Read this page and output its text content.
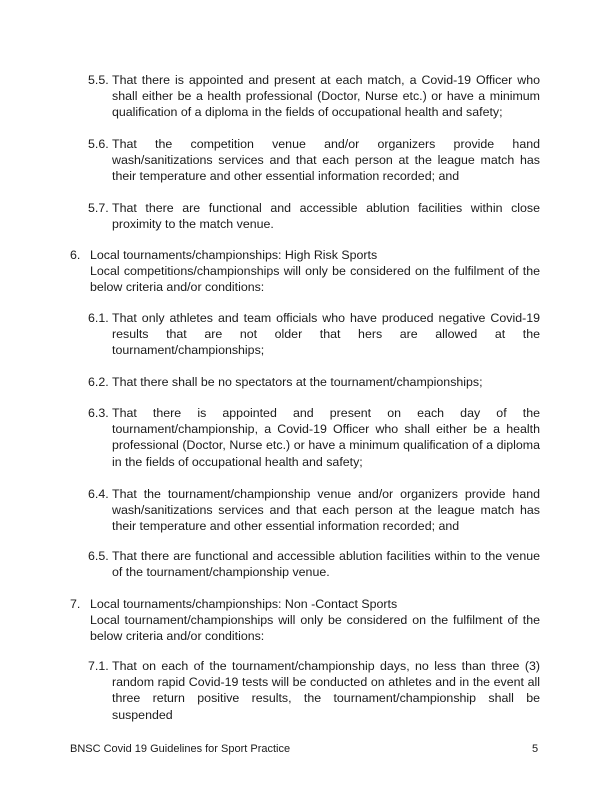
5.5. That there is appointed and present at each match, a Covid-19 Officer who shall either be a health professional (Doctor, Nurse etc.) or have a minimum qualification of a diploma in the fields of occupational health and safety;
5.6. That the competition venue and/or organizers provide hand wash/sanitizations services and that each person at the league match has their temperature and other essential information recorded; and
5.7. That there are functional and accessible ablution facilities within close proximity to the match venue.
6. Local tournaments/championships: High Risk Sports
Local competitions/championships will only be considered on the fulfilment of the below criteria and/or conditions:
6.1. That only athletes and team officials who have produced negative Covid-19 results that are not older that hers are allowed at the tournament/championships;
6.2. That there shall be no spectators at the tournament/championships;
6.3. That there is appointed and present on each day of the tournament/championship, a Covid-19 Officer who shall either be a health professional (Doctor, Nurse etc.) or have a minimum qualification of a diploma in the fields of occupational health and safety;
6.4. That the tournament/championship venue and/or organizers provide hand wash/sanitizations services and that each person at the league match has their temperature and other essential information recorded; and
6.5. That there are functional and accessible ablution facilities within to the venue of the tournament/championship venue.
7. Local tournaments/championships: Non -Contact Sports
Local tournament/championships will only be considered on the fulfilment of the below criteria and/or conditions:
7.1. That on each of the tournament/championship days, no less than three (3) random rapid Covid-19 tests will be conducted on athletes and in the event all three return positive results, the tournament/championship shall be suspended
BNSC Covid 19 Guidelines for Sport Practice	5
